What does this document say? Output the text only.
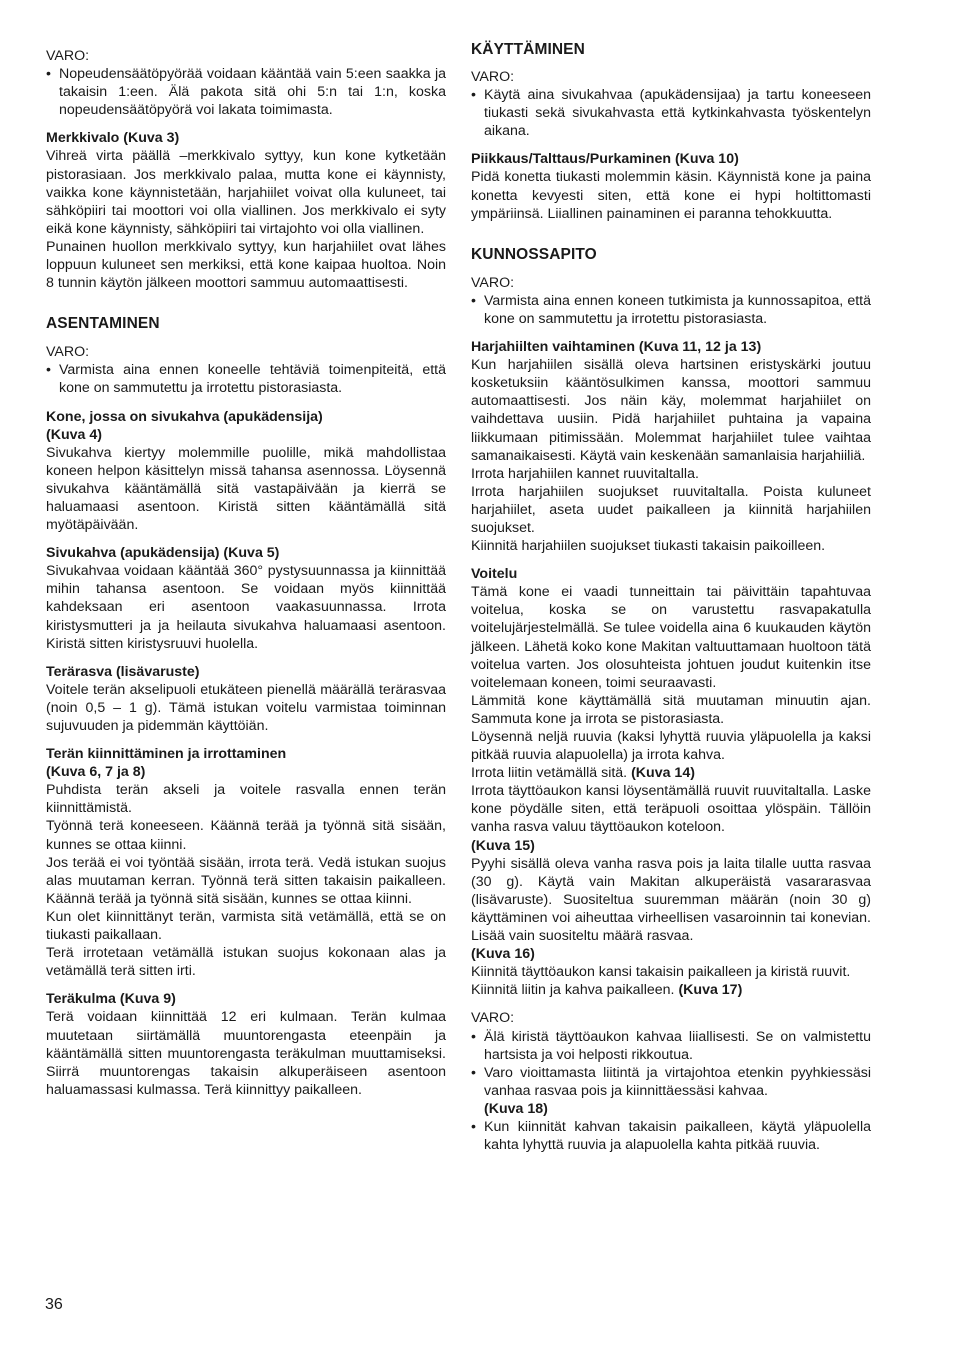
VARO:

• Nopeudensäätöpyörää voidaan kääntää vain 5:een saakka ja takaisin 1:een. Älä pakota sitä ohi 5:n tai 1:n, koska nopeudensäätöpyörä voi lakata toimimasta.

Merkkivalo (Kuva 3)

Vihreä virta päällä –merkkivalo syttyy, kun kone kytketään pistorasiaan. Jos merkkivalo palaa, mutta kone ei käynnisty, vaikka kone käynnistetään, harjahiilet voivat olla kuluneet, tai sähköpiiri tai moottori voi olla viallinen. Jos merkkivalo ei syty eikä kone käynnisty, sähköpiiri tai virtajohto voi olla viallinen.

Punainen huollon merkkivalo syttyy, kun harjahiilet ovat lähes loppuun kuluneet sen merkiksi, että kone kaipaa huoltoa. Noin 8 tunnin käytön jälkeen moottori sammuu automaattisesti.

ASENTAMINEN

VARO:

• Varmista aina ennen koneelle tehtäviä toimenpiteitä, että kone on sammutettu ja irrotettu pistorasiasta.

Kone, jossa on sivukahva (apukädensija)

(Kuva 4)

Sivukahva kiertyy molemmille puolille, mikä mahdollistaa koneen helpon käsittelyn missä tahansa asennossa. Löysennä sivukahva kääntämällä sitä vastapäivään ja kierrä se haluamaasi asentoon. Kiristä sitten kääntämällä sitä myötäpäivään.

Sivukahva (apukädensija) (Kuva 5)

Sivukahvaa voidaan kääntää 360° pystysuunnassa ja kiinnittää mihin tahansa asentoon. Se voidaan myös kiinnittää kahdeksaan eri asentoon vaakasuunnassa. Irrota kiristysmutteri ja ja heilauta sivukahva haluamaasi asentoon. Kiristä sitten kiristysruuvi huolella.

Terärasva (lisävaruste)

Voitele terän akselipuoli etukäteen pienellä määrällä terärasvaa (noin 0,5 – 1 g). Tämä istukan voitelu varmistaa toiminnan sujuvuuden ja pidemmän käyttöiän.

Terän kiinnittäminen ja irrottaminen

(Kuva 6, 7 ja 8)

Puhdista terän akseli ja voitele rasvalla ennen terän kiinnittämistä.

Työnnä terä koneeseen. Käännä terää ja työnnä sitä sisään, kunnes se ottaa kiinni.

Jos terää ei voi työntää sisään, irrota terä. Vedä istukan suojus alas muutaman kerran. Työnnä terä sitten takaisin paikalleen. Käännä terää ja työnnä sitä sisään, kunnes se ottaa kiinni.

Kun olet kiinnittänyt terän, varmista sitä vetämällä, että se on tiukasti paikallaan.

Terä irrotetaan vetämällä istukan suojus kokonaan alas ja vetämällä terä sitten irti.

Teräkulma (Kuva 9)

Terä voidaan kiinnittää 12 eri kulmaan. Terän kulmaa muutetaan siirtämällä muuntorengasta eteenpäin ja kääntämällä sitten muuntorengasta teräkulman muuttamiseksi. Siirrä muuntorengas takaisin alkuperäiseen asentoon haluamassasi kulmassa. Terä kiinnittyy paikalleen.

KÄYTTÄMINEN

VARO:

• Käytä aina sivukahvaa (apukädensijaa) ja tartu koneeseen tiukasti sekä sivukahvasta että kytkinkahvasta työskentelyn aikana.

Piikkaus/Talttaus/Purkaminen (Kuva 10)

Pidä konetta tiukasti molemmin käsin. Käynnistä kone ja paina konetta kevyesti siten, että kone ei hypi holtittomasti ympäriinsä. Liiallinen painaminen ei paranna tehokkuutta.

KUNNOSSAPITO

VARO:

• Varmista aina ennen koneen tutkimista ja kunnossapitoa, että kone on sammutettu ja irrotettu pistorasiasta.

Harjahiilten vaihtaminen (Kuva 11, 12 ja 13)

Kun harjahiilen sisällä oleva hartsinen eristyskärki joutuu kosketuksiin kääntösulkimen kanssa, moottori sammuu automaattisesti. Jos näin käy, molemmat harjahiilet on vaihdettava uusiin. Pidä harjahiilet puhtaina ja vapaina liikkumaan pitimissään. Molemmat harjahiilet tulee vaihtaa samanaikaisesti. Käytä vain keskenään samanlaisia harjahiiliä.

Irrota harjahiilen kannet ruuvitaltalla.

Irrota harjahiilen suojukset ruuvitaltalla. Poista kuluneet harjahiilet, aseta uudet paikalleen ja kiinnitä harjahiilen suojukset.

Kiinnitä harjahiilen suojukset tiukasti takaisin paikoilleen.

Voitelu

Tämä kone ei vaadi tunneittain tai päivittäin tapahtuvaa voitelua, koska se on varustettu rasvapakatulla voitelujärjestelmällä. Se tulee voidella aina 6 kuukauden käytön jälkeen. Lähetä koko kone Makitan valtuuttamaan huoltoon tätä voitelua varten. Jos olosuhteista johtuen joudut kuitenkin itse voitelemaan koneen, toimi seuraavasti.

Lämmitä kone käyttämällä sitä muutaman minuutin ajan. Sammuta kone ja irrota se pistorasiasta.

Löysennä neljä ruuvia (kaksi lyhyttä ruuvia yläpuolella ja kaksi pitkää ruuvia alapuolella) ja irrota kahva.

Irrota liitin vetämällä sitä. (Kuva 14)

Irrota täyttöaukon kansi löysentämällä ruuvit ruuvitaltalla. Laske kone pöydälle siten, että teräpuoli osoittaa ylöspäin. Tällöin vanha rasva valuu täyttöaukon koteloon.

(Kuva 15)

Pyyhi sisällä oleva vanha rasva pois ja laita tilalle uutta rasvaa (30 g). Käytä vain Makitan alkuperäistä vasararasvaa (lisävaruste). Suositeltua suuremman määrän (noin 30 g) käyttäminen voi aiheuttaa virheellisen vasaroinnin tai konevian. Lisää vain suositeltu määrä rasvaa.

(Kuva 16)

Kiinnitä täyttöaukon kansi takaisin paikalleen ja kiristä ruuvit.

Kiinnitä liitin ja kahva paikalleen. (Kuva 17)

VARO:

• Älä kiristä täyttöaukon kahvaa liiallisesti. Se on valmistettu hartsista ja voi helposti rikkoutua.
• Varo vioittamasta liitintä ja virtajohtoa etenkin pyyhkiessäsi vanhaa rasvaa pois ja kiinnittäessäsi kahvaa.
(Kuva 18)
• Kun kiinnität kahvan takaisin paikalleen, käytä yläpuolella kahta lyhyttä ruuvia ja alapuolella kahta pitkää ruuvia.
36
